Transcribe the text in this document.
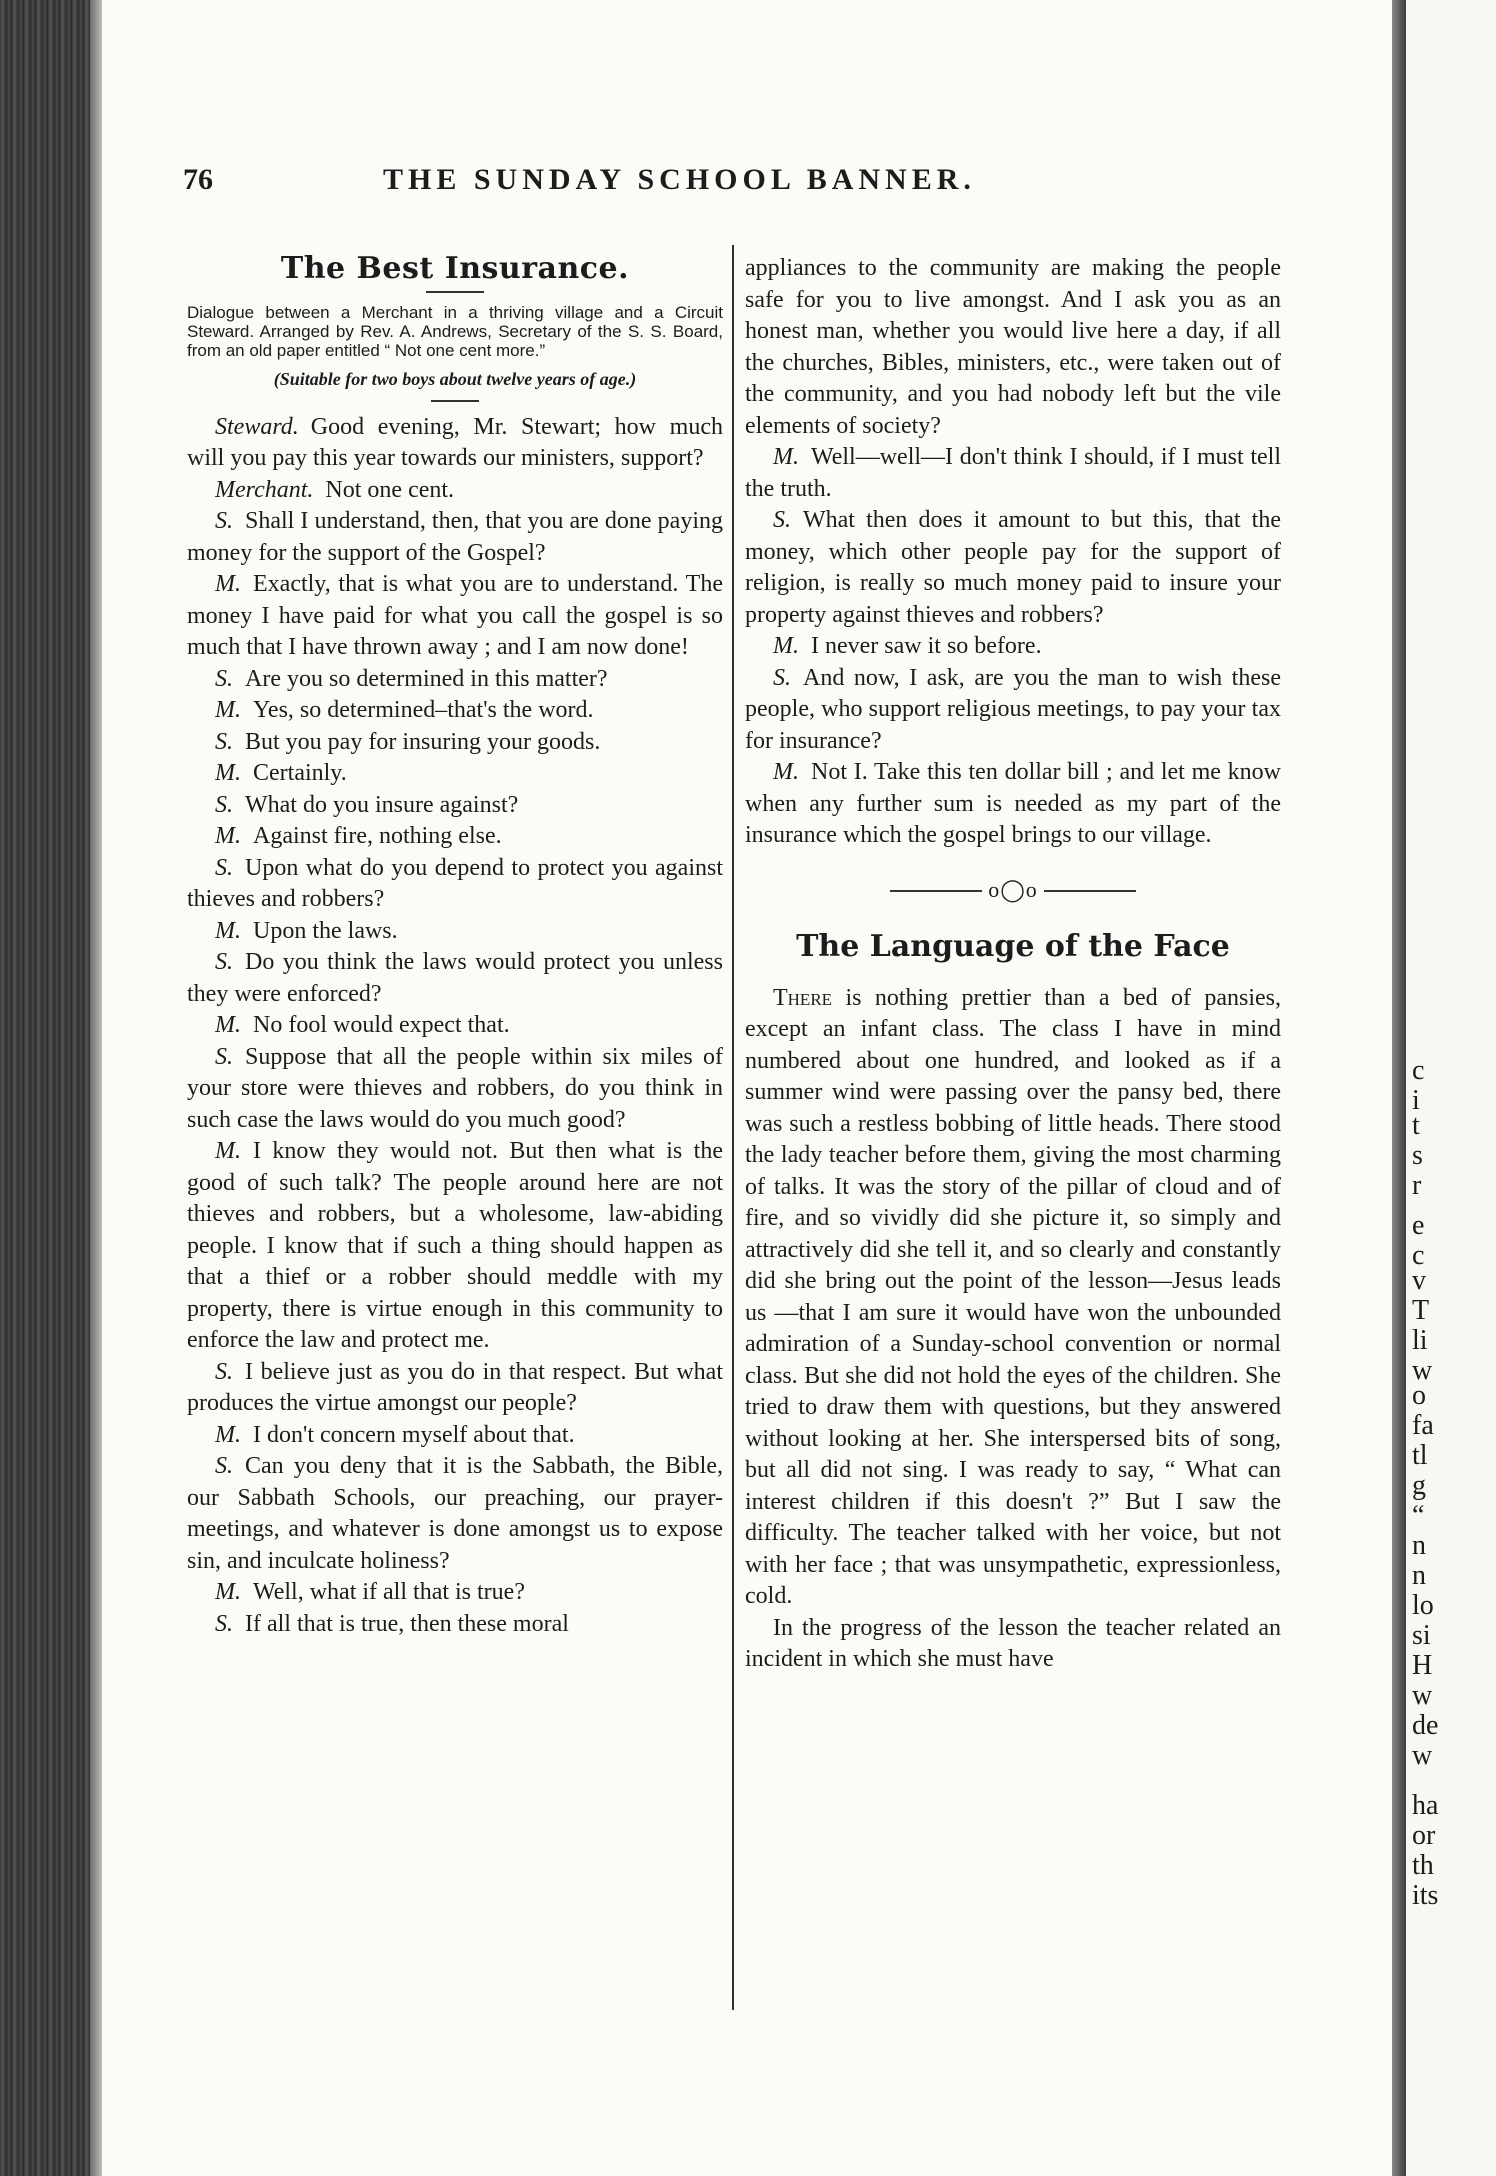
76	THE SUNDAY SCHOOL BANNER.
The Best Insurance.
Dialogue between a Merchant in a thriving village and a Circuit Steward. Arranged by Rev. A. Andrews, Secretary of the S. S. Board, from an old paper entitled “ Not one cent more.”
(Suitable for two boys about twelve years of age.)

Steward.  Good evening, Mr. Stewart; how much will you pay this year towards our ministers, support?

Merchant.  Not one cent.

S.  Shall I understand, then, that you are done paying money for the support of the Gospel?

M.  Exactly, that is what you are to understand. The money I have paid for what you call the gospel is so much that I have thrown away ; and I am now done!

S.  Are you so determined in this matter?

M.  Yes, so determined–that's the word.

S.  But you pay for insuring your goods.

M.  Certainly.

S.  What do you insure against?

M.  Against fire, nothing else.

S.  Upon what do you depend to protect you against thieves and robbers?

M.  Upon the laws.

S.  Do you think the laws would protect you unless they were enforced?

M.  No fool would expect that.

S.  Suppose that all the people within six miles of your store were thieves and robbers, do you think in such case the laws would do you much good?

M.  I know they would not. But then what is the good of such talk? The people around here are not thieves and robbers, but a wholesome, law-abiding people. I know that if such a thing should happen as that a thief or a robber should meddle with my property, there is virtue enough in this community to enforce the law and protect me.

S.  I believe just as you do in that respect. But what produces the virtue amongst our people?

M.  I don't concern myself about that.

S.  Can you deny that it is the Sabbath, the Bible, our Sabbath Schools, our preaching, our prayer-meetings, and whatever is done amongst us to expose sin, and inculcate holiness?

M.  Well, what if all that is true?

S.  If all that is true, then these moral

appliances to the community are making the people safe for you to live amongst. And I ask you as an honest man, whether you would live here a day, if all the churches, Bibles, ministers, etc., were taken out of the community, and you had nobody left but the vile elements of society?

M.  Well—well—I don't think I should, if I must tell the truth.

S.  What then does it amount to but this, that the money, which other people pay for the support of religion, is really so much money paid to insure your property against thieves and robbers?

M.  I never saw it so before.

S.  And now, I ask, are you the man to wish these people, who support religious meetings, to pay your tax for insurance?

M.  Not I. Take this ten dollar bill ; and let me know when any further sum is needed as my part of the insurance which the gospel brings to our village.

o◯o
The Language of the Face

There is nothing prettier than a bed of pansies, except an infant class. The class I have in mind numbered about one hundred, and looked as if a summer wind were passing over the pansy bed, there was such a restless bobbing of little heads. There stood the lady teacher before them, giving the most charming of talks. It was the story of the pillar of cloud and of fire, and so vividly did she picture it, so simply and attractively did she tell it, and so clearly and constantly did she bring out the point of the lesson—Jesus leads us —that I am sure it would have won the unbounded admiration of a Sunday-school convention or normal class. But she did not hold the eyes of the children. She tried to draw them with questions, but they answered without looking at her. She interspersed bits of song, but all did not sing. I was ready to say, “ What can interest children if this doesn't ?” But I saw the difficulty. The teacher talked with her voice, but not with her face ; that was unsympathetic, expressionless, cold.

In the progress of the lesson the teacher related an incident in which she must have

c
i
t
s
r
e
c
v
T
li
w
o
fa
tl
g
“
n
n
lo
si
H
w
de
w
ha
or
th
its
